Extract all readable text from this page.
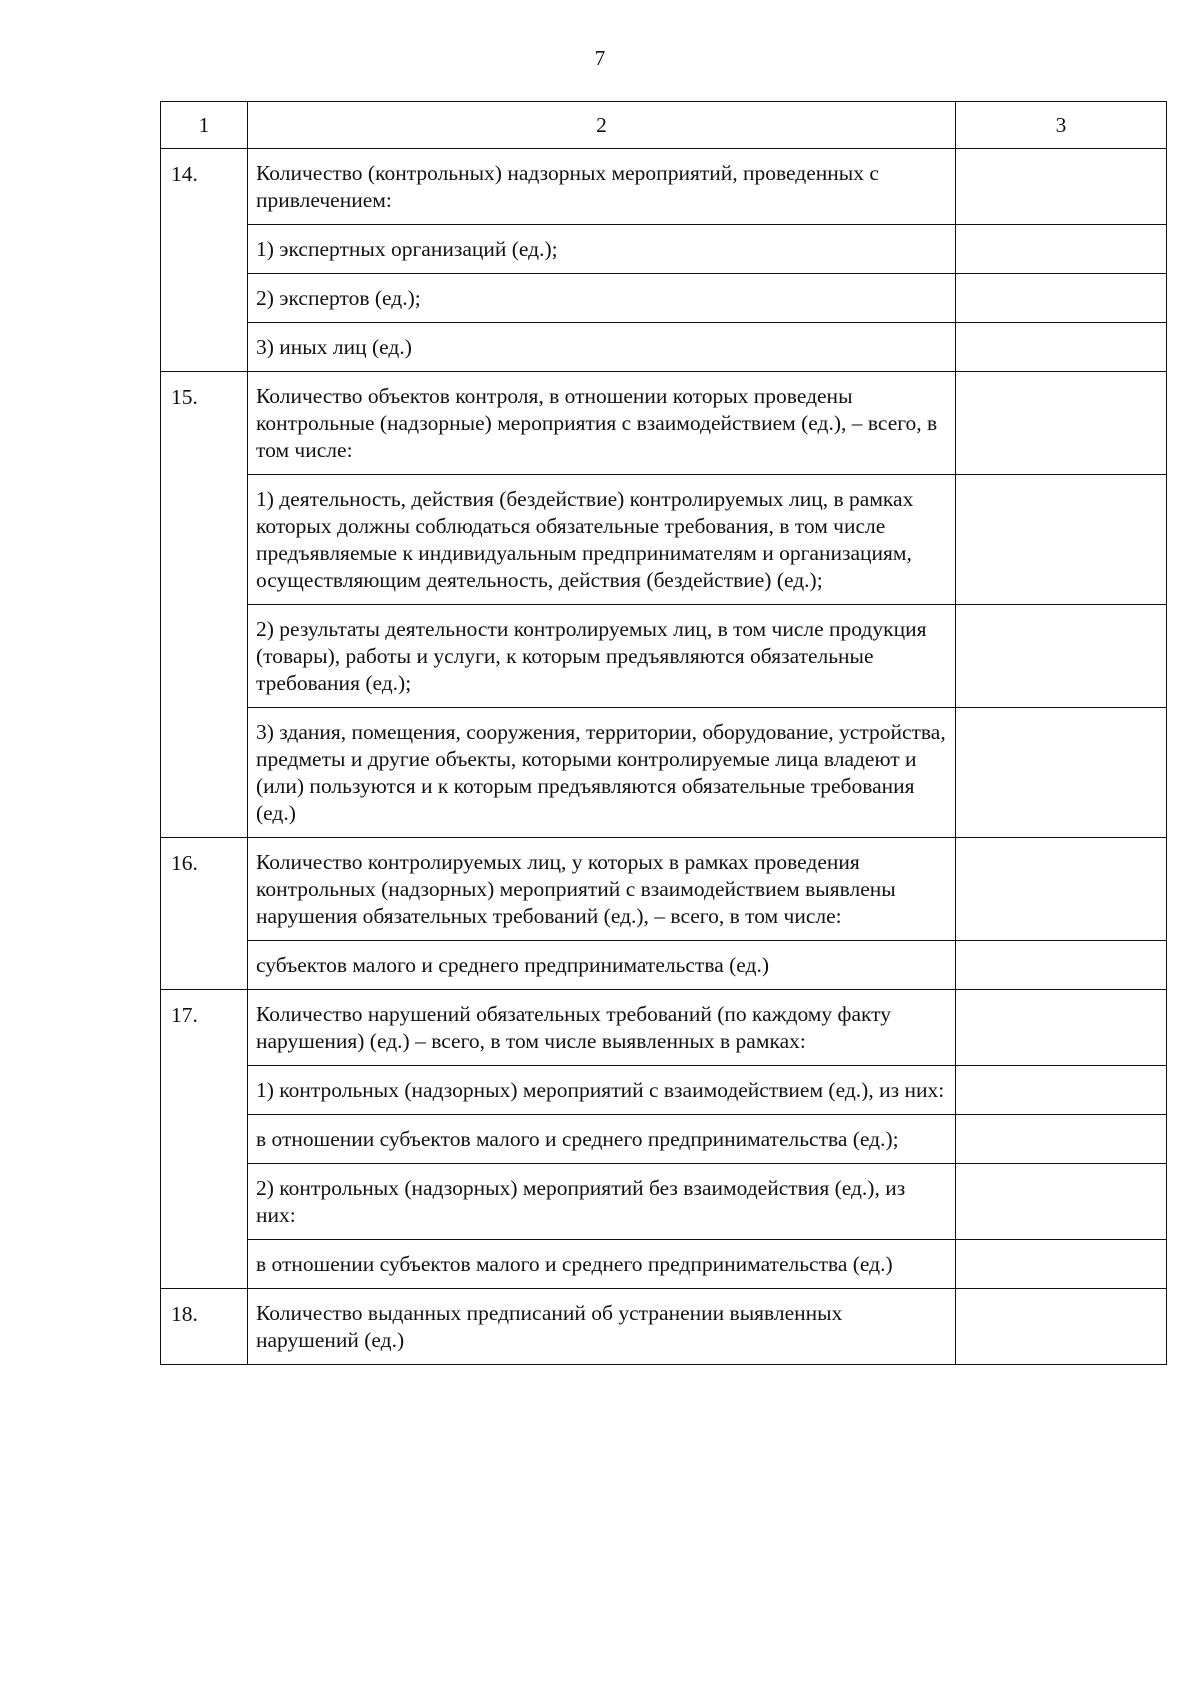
7
1	2	3
14.	Количество (контрольных) надзорных мероприятий, проведенных с привлечением:	
	1) экспертных организаций (ед.);	
	2) экспертов (ед.);	
	3) иных лиц (ед.)	
15.	Количество объектов контроля, в отношении которых проведены контрольные (надзорные) мероприятия с взаимодействием (ед.), – всего, в том числе:	
	1) деятельность, действия (бездействие) контролируемых лиц, в рамках которых должны соблюдаться обязательные требования, в том числе предъявляемые к индивидуальным предпринимателям и организациям, осуществляющим деятельность, действия (бездействие) (ед.);	
	2) результаты деятельности контролируемых лиц, в том числе продукция (товары), работы и услуги, к которым предъявляются обязательные требования (ед.);	
	3) здания, помещения, сооружения, территории, оборудование, устройства, предметы и другие объекты, которыми контролируемые лица владеют и (или) пользуются и к которым предъявляются обязательные требования (ед.)	
16.	Количество контролируемых лиц, у которых в рамках проведения контрольных (надзорных) мероприятий с взаимодействием выявлены нарушения обязательных требований (ед.), – всего, в том числе:	
	субъектов малого и среднего предпринимательства (ед.)	
17.	Количество нарушений обязательных требований (по каждому факту нарушения) (ед.) – всего, в том числе выявленных в рамках:	
	1) контрольных (надзорных) мероприятий с взаимодействием (ед.), из них:	
	в отношении субъектов малого и среднего предпринимательства (ед.);	
	2) контрольных (надзорных) мероприятий без взаимодействия (ед.), из них:	
	в отношении субъектов малого и среднего предпринимательства (ед.)	
18.	Количество выданных предписаний об устранении выявленных нарушений (ед.)	
